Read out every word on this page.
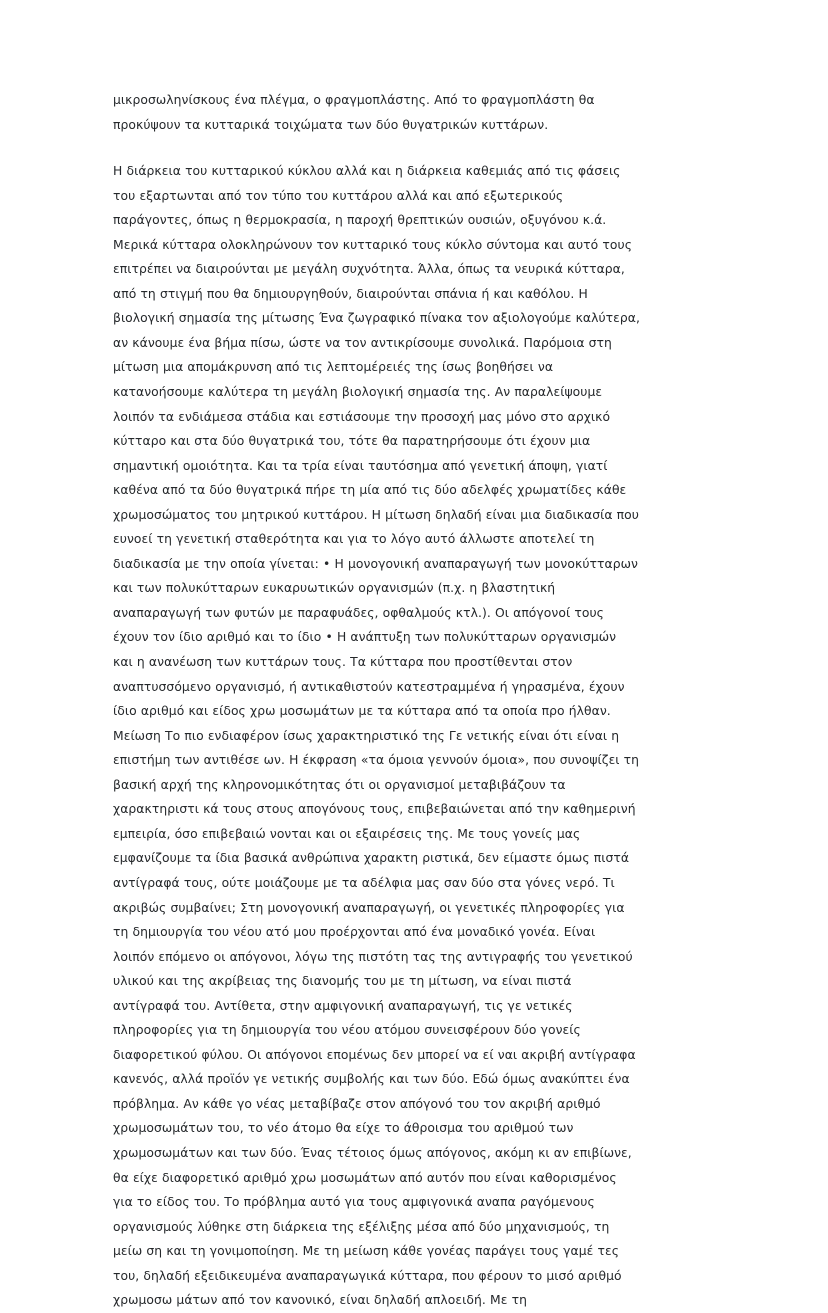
μικροσωληνίσκους ένα πλέγμα, ο φραγμοπλάστης. Από το φραγμοπλάστη θα προκύψουν τα κυτταρικά τοιχώματα των δύο θυγατρικών κυττάρων.

Η διάρκεια του κυτταρικού κύκλου αλλά και η διάρκεια καθεμιάς από τις φάσεις του εξαρτωνται από τον τύπο του κυττάρου αλλά και από εξωτερικούς παράγοντες, όπως η θερμοκρασία, η παροχή θρεπτικών ουσιών, οξυγόνου κ.ά. Μερικά κύτταρα ολοκληρώνουν τον κυτταρικό τους κύκλο σύντομα και αυτό τους επιτρέπει να διαιρούνται με μεγάλη συχνότητα. Άλλα, όπως τα νευρικά κύτταρα, από τη στιγμή που θα δημιουργηθούν, διαιρούνται σπάνια ή και καθόλου. Η βιολογική σημασία της μίτωσης Ένα ζωγραφικό πίνακα τον αξιολογούμε καλύτερα, αν κάνουμε ένα βήμα πίσω, ώστε να τον αντικρίσουμε συνολικά. Παρόμοια στη μίτωση μια απομάκρυνση από τις λεπτομέρειές της ίσως βοηθήσει να κατανοήσουμε καλύτερα τη μεγάλη βιολογική σημασία της. Αν παραλείψουμε λοιπόν τα ενδιάμεσα στάδια και εστιάσουμε την προσοχή μας μόνο στο αρχικό κύτταρο και στα δύο θυγατρικά του, τότε θα παρατηρήσουμε ότι έχουν μια σημαντική ομοιότητα. Και τα τρία είναι ταυτόσημα από γενετική άποψη, γιατί καθένα από τα δύο θυγατρικά πήρε τη μία από τις δύο αδελφές χρωματίδες κάθε χρωμοσώματος του μητρικού κυττάρου. Η μίτωση δηλαδή είναι μια διαδικασία που ευνοεί τη γενετική σταθερότητα και για το λόγο αυτό άλλωστε αποτελεί τη διαδικασία με την οποία γίνεται: • Η μονογονική αναπαραγωγή των μονοκύτταρων και των πολυκύτταρων ευκαρυωτικών οργανισμών (π.χ. η βλαστητική αναπαραγωγή των φυτών με παραφυάδες, οφθαλμούς κτλ.). Οι απόγονοί τους έχουν τον ίδιο αριθμό και το ίδιο • Η ανάπτυξη των πολυκύτταρων οργανισμών και η ανανέωση των κυττάρων τους. Τα κύτταρα που προστίθενται στον αναπτυσσόμενο οργανισμό, ή αντικαθιστούν κατεστραμμένα ή γηρασμένα, έχουν ίδιο αριθμό και είδος χρω μοσωμάτων με τα κύτταρα από τα οποία προ ήλθαν. Μείωση Το πιο ενδιαφέρον ίσως χαρακτηριστικό της Γε νετικής είναι ότι είναι η επιστήμη των αντιθέσε ων. Η έκφραση «τα όμοια γεννούν όμοια», που συνοψίζει τη βασική αρχή της κληρονομικότητας ότι οι οργανισμοί μεταβιβάζουν τα χαρακτηριστι κά τους στους απογόνους τους, επιβεβαιώνεται από την καθημερινή εμπειρία, όσο επιβεβαιώ νονται και οι εξαιρέσεις της. Με τους γονείς μας εμφανίζουμε τα ίδια βασικά ανθρώπινα χαρακτη ριστικά, δεν είμαστε όμως πιστά αντίγραφά τους, ούτε μοιάζουμε με τα αδέλφια μας σαν δύο στα γόνες νερό. Τι ακριβώς συμβαίνει; Στη μονογονική αναπαραγωγή, οι γενετικές πληροφορίες για τη δημιουργία του νέου ατό μου προέρχονται από ένα μοναδικό γονέα. Είναι λοιπόν επόμενο οι απόγονοι, λόγω της πιστότη τας της αντιγραφής του γενετικού υλικού και της ακρίβειας της διανομής του με τη μίτωση, να είναι πιστά αντίγραφά του. Αντίθετα, στην αμφιγονική αναπαραγωγή, τις γε νετικές πληροφορίες για τη δημιουργία του νέου ατόμου συνεισφέρουν δύο γονείς διαφορετικού φύλου. Οι απόγονοι επομένως δεν μπορεί να εί ναι ακριβή αντίγραφα κανενός, αλλά προϊόν γε νετικής συμβολής και των δύο. Εδώ όμως ανακύπτει ένα πρόβλημα. Αν κάθε γο νέας μεταβίβαζε στον απόγονό του τον ακριβή αριθμό χρωμοσωμάτων του, το νέο άτομο θα είχε το άθροισμα του αριθμού των χρωμοσωμάτων και των δύο. Ένας τέτοιος όμως απόγονος, ακόμη κι αν επιβίωνε, θα είχε διαφορετικό αριθμό χρω μοσωμάτων από αυτόν που είναι καθορισμένος για το είδος του. Το πρόβλημα αυτό για τους αμφιγονικά αναπα ραγόμενους οργανισμούς λύθηκε στη διάρκεια της εξέλιξης μέσα από δύο μηχανισμούς, τη μείω ση και τη γονιμοποίηση. Με τη μείωση κάθε γονέας παράγει τους γαμέ τες του, δηλαδή εξειδικευμένα αναπαραγωγικά κύτταρα, που φέρουν το μισό αριθμό χρωμοσω μάτων από τον κανονικό, είναι δηλαδή απλοειδή. Με τη
